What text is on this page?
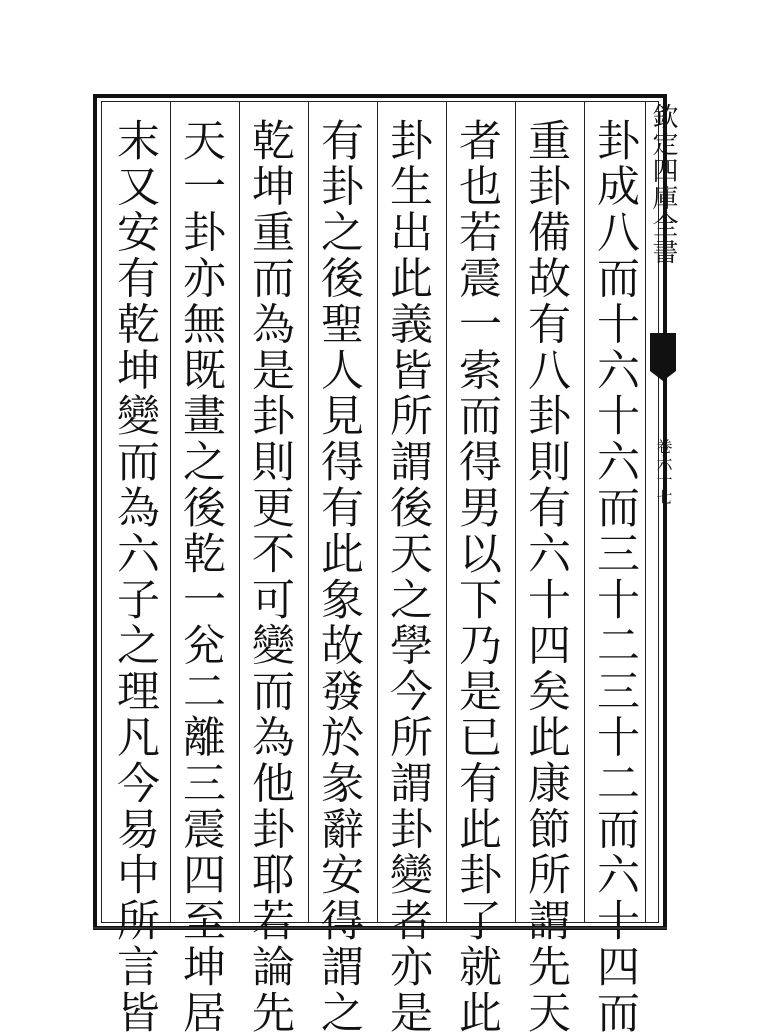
欽定四庫全書
卷六十七
卦成八而十六十六而三十二三十二而六十四而
重卦備故有八卦則有六十四矣此康節所謂先天
者也若震一索而得男以下乃是已有此卦了就此
卦生出此義皆所謂後天之學今所謂卦變者亦是
有卦之後聖人見得有此象故發於彖辭安得謂之
乾坤重而為是卦則更不可變而為他卦耶若論先
天一卦亦無既畫之後乾一兊二離三震四至坤居
末又安有乾坤變而為六子之理凡今易中所言皆
